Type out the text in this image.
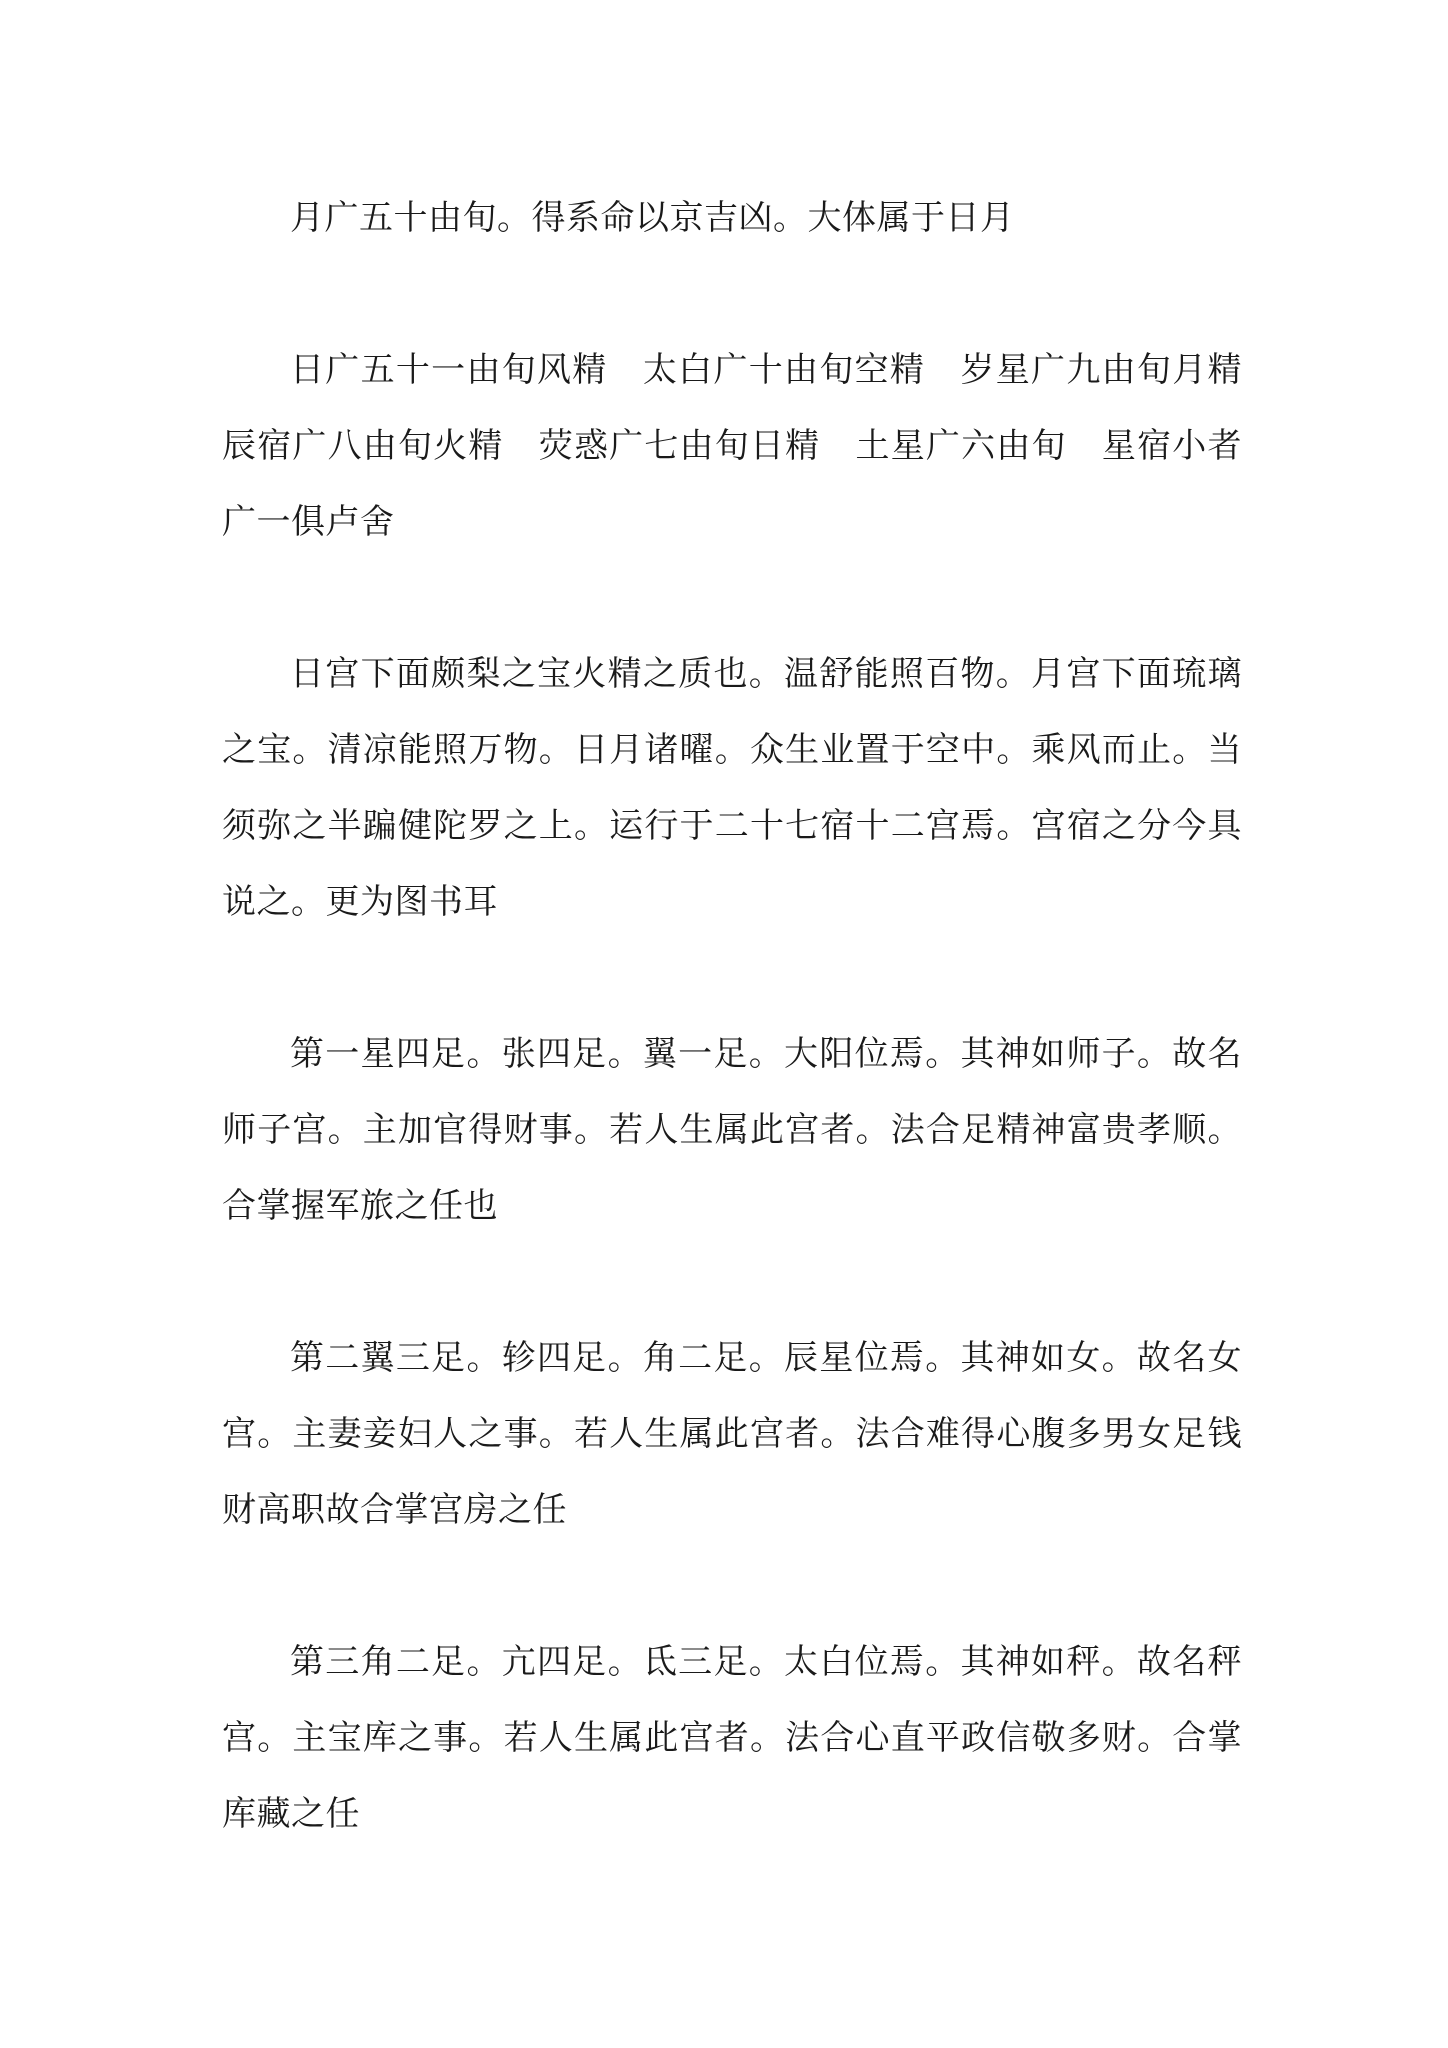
月广五十由旬。得系命以京吉凶。大体属于日月

日广五十一由旬风精　太白广十由旬空精　岁星广九由旬月精　辰宿广八由旬火精　荧惑广七由旬日精　土星广六由旬　星宿小者广一俱卢舍

日宫下面颇梨之宝火精之质也。温舒能照百物。月宫下面琉璃之宝。清凉能照万物。日月诸曜。众生业置于空中。乘风而止。当须弥之半蹁健陀罗之上。运行于二十七宿十二宫焉。宫宿之分今具说之。更为图书耳

第一星四足。张四足。翼一足。大阳位焉。其神如师子。故名师子宫。主加官得财事。若人生属此宫者。法合足精神富贵孝顺。合掌握军旅之任也

第二翼三足。轸四足。角二足。辰星位焉。其神如女。故名女宫。主妻妾妇人之事。若人生属此宫者。法合难得心腹多男女足钱财高职故合掌宫房之任

第三角二足。亢四足。氐三足。太白位焉。其神如秤。故名秤宫。主宝库之事。若人生属此宫者。法合心直平政信敬多财。合掌库藏之任
